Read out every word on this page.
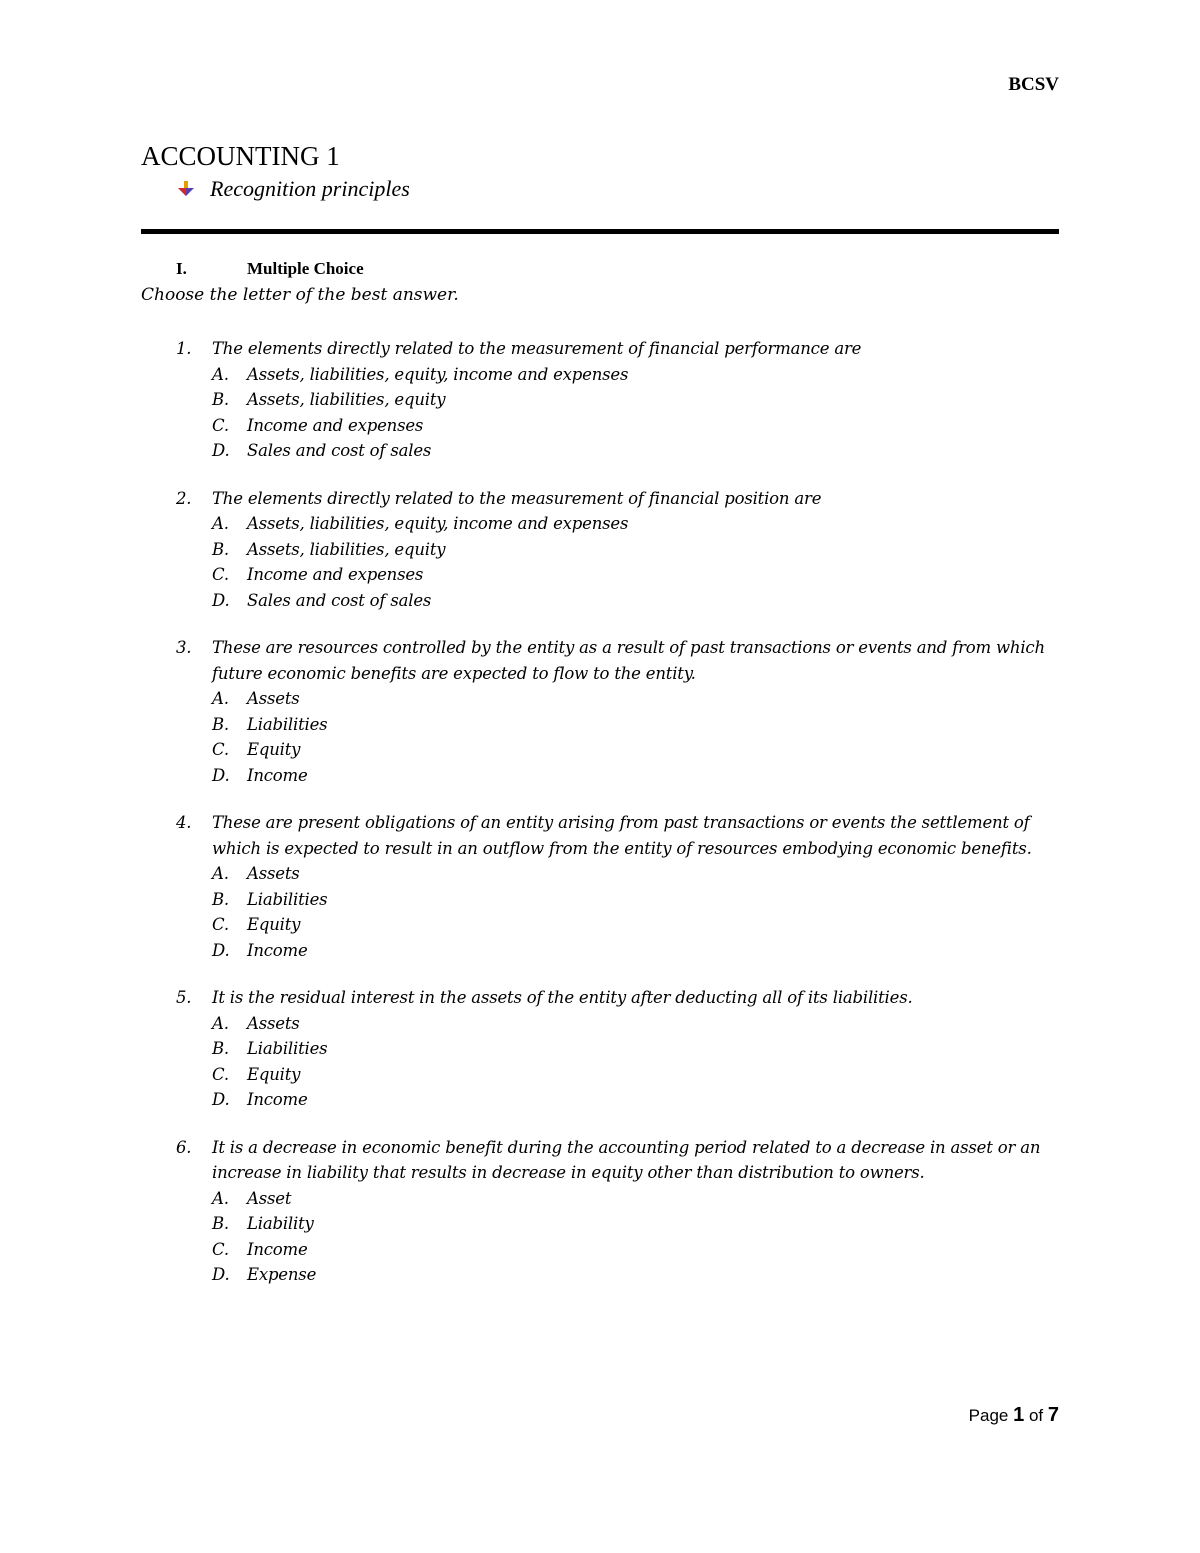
BCSV
ACCOUNTING 1
Recognition principles
I.	Multiple Choice
Choose the letter of the best answer.
1.	The elements directly related to the measurement of financial performance are
A.	Assets, liabilities, equity, income and expenses
B.	Assets, liabilities, equity
C.	Income and expenses
D.	Sales and cost of sales
2.	The elements directly related to the measurement of financial position are
A.	Assets, liabilities, equity, income and expenses
B.	Assets, liabilities, equity
C.	Income and expenses
D.	Sales and cost of sales
3.	These are resources controlled by the entity as a result of past transactions or events and from which future economic benefits are expected to flow to the entity.
A.	Assets
B.	Liabilities
C.	Equity
D.	Income
4.	These are present obligations of an entity arising from past transactions or events the settlement of which is expected to result in an outflow from the entity of resources embodying economic benefits.
A.	Assets
B.	Liabilities
C.	Equity
D.	Income
5.	It is the residual interest in the assets of the entity after deducting all of its liabilities.
A.	Assets
B.	Liabilities
C.	Equity
D.	Income
6.	It is a decrease in economic benefit during the accounting period related to a decrease in asset or an increase in liability that results in decrease in equity other than distribution to owners.
A.	Asset
B.	Liability
C.	Income
D.	Expense
Page 1 of 7
